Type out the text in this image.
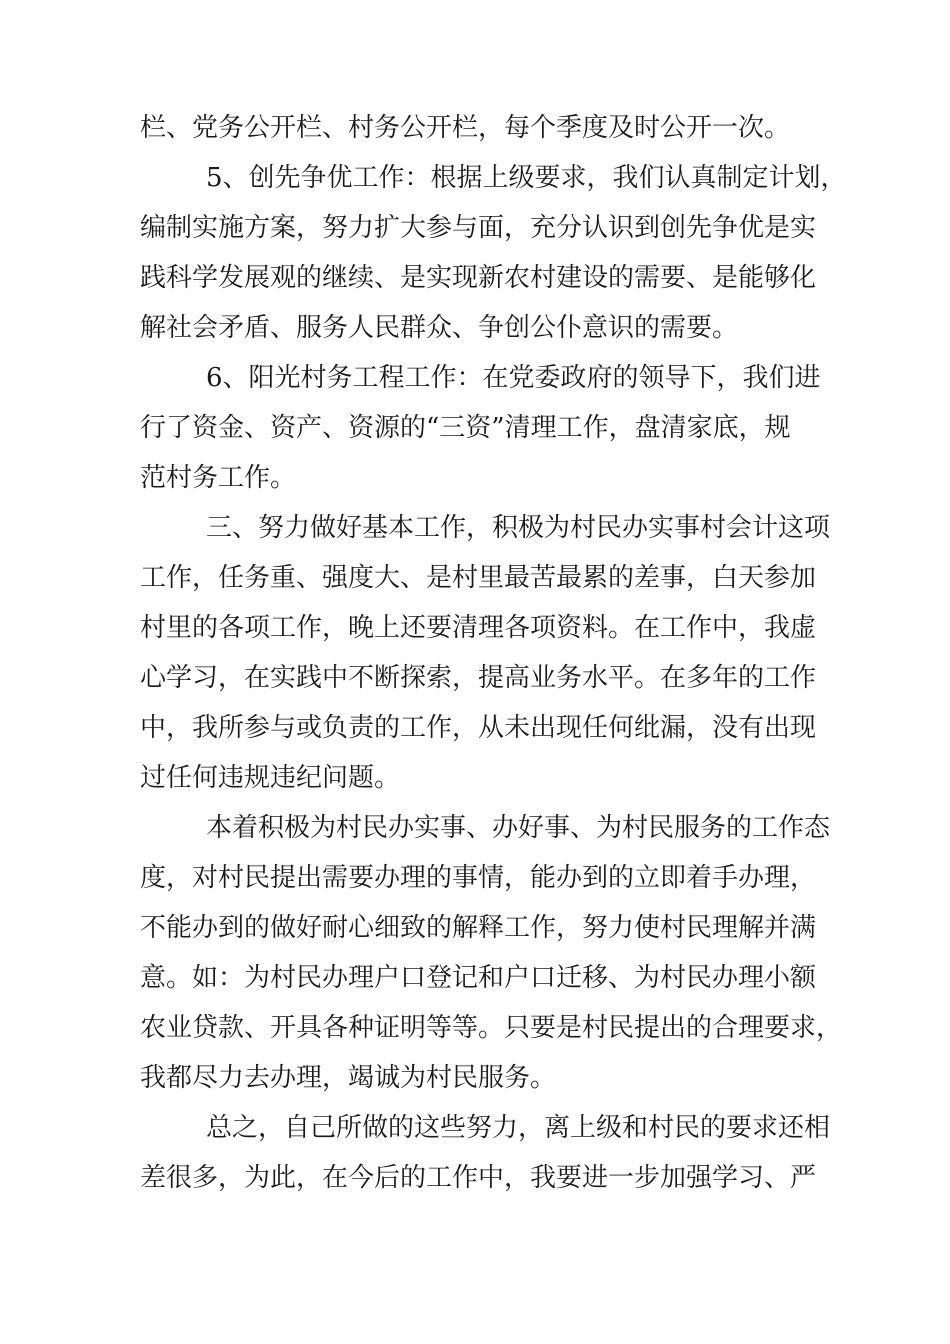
栏、党务公开栏、村务公开栏，每个季度及时公开一次。
5、创先争优工作：根据上级要求，我们认真制定计划，
编制实施方案，努力扩大参与面，充分认识到创先争优是实
践科学发展观的继续、是实现新农村建设的需要、是能够化
解社会矛盾、服务人民群众、争创公仆意识的需要。
6、阳光村务工程工作：在党委政府的领导下，我们进
行了资金、资产、资源的“三资”清理工作，盘清家底，规
范村务工作。
三、努力做好基本工作，积极为村民办实事村会计这项
工作，任务重、强度大、是村里最苦最累的差事，白天参加
村里的各项工作，晚上还要清理各项资料。在工作中，我虚
心学习，在实践中不断探索，提高业务水平。在多年的工作
中，我所参与或负责的工作，从未出现任何纰漏，没有出现
过任何违规违纪问题。
本着积极为村民办实事、办好事、为村民服务的工作态
度，对村民提出需要办理的事情，能办到的立即着手办理，
不能办到的做好耐心细致的解释工作，努力使村民理解并满
意。如：为村民办理户口登记和户口迁移、为村民办理小额
农业贷款、开具各种证明等等。只要是村民提出的合理要求，
我都尽力去办理，竭诚为村民服务。
总之，自己所做的这些努力，离上级和村民的要求还相
差很多，为此，在今后的工作中，我要进一步加强学习、严
